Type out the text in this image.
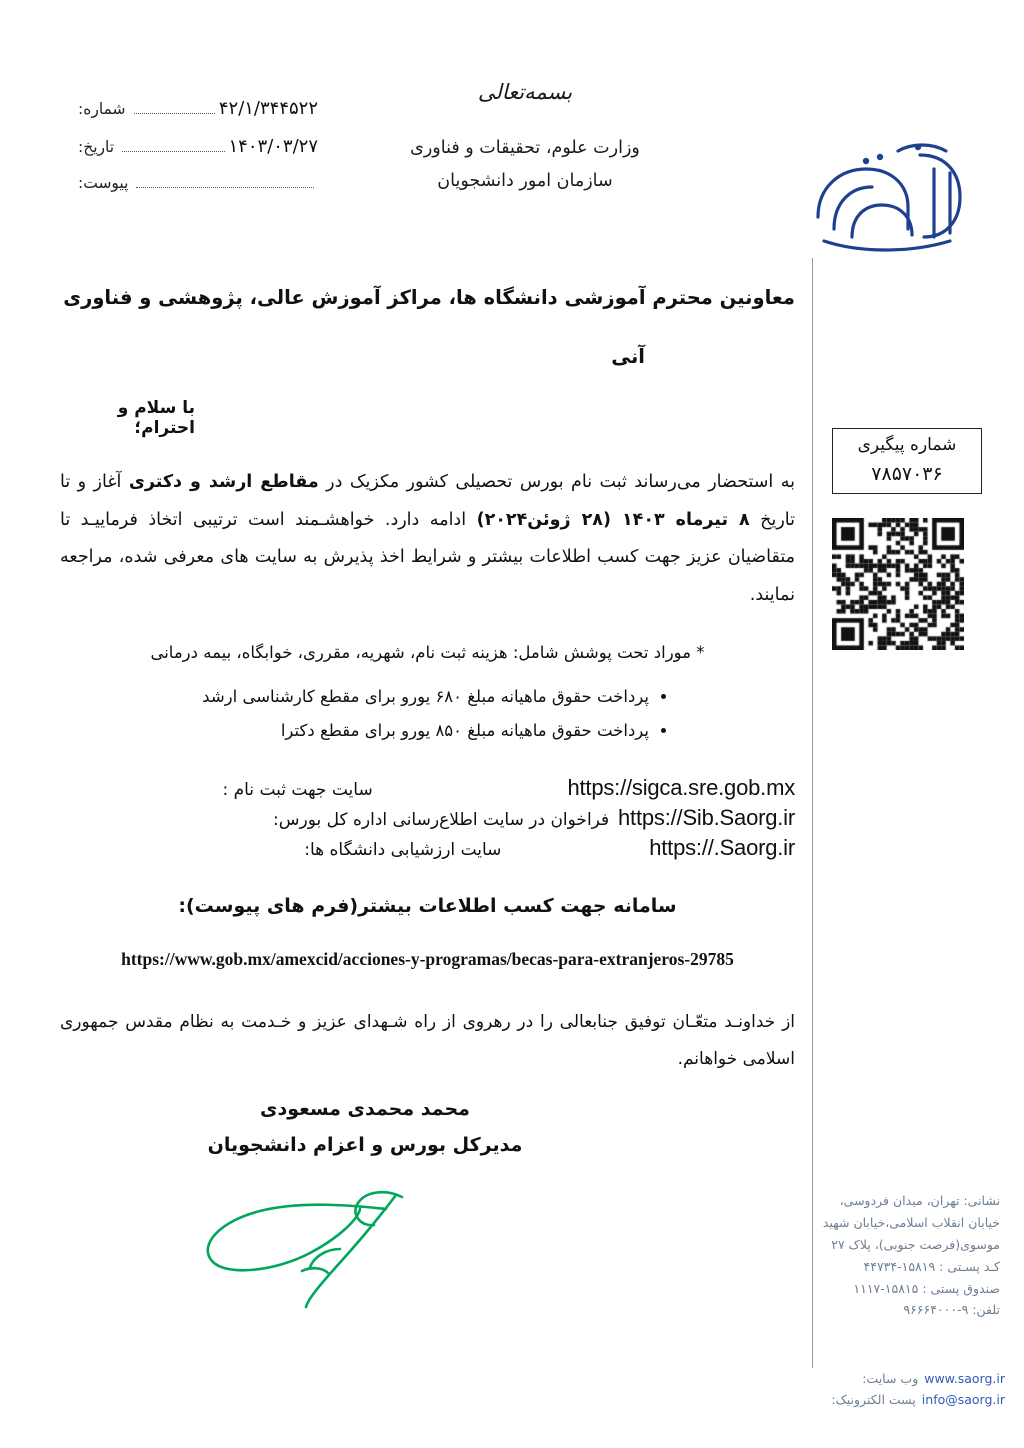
۴۲/۱/۳۴۴۵۲۲
شماره:
۱۴۰۳/۰۳/۲۷
تاریخ:
پیوست:
بسمه‌تعالی
وزارت علوم، تحقیقات و فناوری
سازمان امور دانشجویان
شماره پیگیری
۷۸۵۷۰۳۶
معاونین محترم آموزشی دانشگاه ها، مراکز آموزش عالی، پژوهشی و فناوری
آنی
با سلام و احترام؛
به استحضار می‌رساند ثبت نام بورس تحصیلی کشور مکزیک در مقاطع ارشد و دکتری آغاز و تا تاریخ ۸ تیرماه ۱۴۰۳ (۲۸ ژوئن۲۰۲۴) ادامه دارد. خواهشـمند است ترتیبی اتخاذ فرماییـد تا متقاضیان عزیز جهت کسب اطلاعات بیشتر و شرایط اخذ پذیرش به سایت های معرفی شده، مراجعه نمایند.
* موراد تحت پوشش شامل: هزینه ثبت نام، شهریه، مقرری، خوابگاه، بیمه درمانی
• پرداخت حقوق ماهیانه مبلغ ۶۸۰ یورو برای مقطع کارشناسی ارشد
• پرداخت حقوق ماهیانه مبلغ ۸۵۰ یورو برای مقطع دکترا
https://sigca.sre.gob.mx
سایت جهت ثبت نام :
https://Sib.Saorg.ir
فراخوان در سایت اطلاع‌رسانی اداره کل بورس:
https://.Saorg.ir
سایت ارزشیابی دانشگاه ها:
سامانه جهت کسب اطلاعات بیشتر(فرم های پیوست):
https://www.gob.mx/amexcid/acciones-y-programas/becas-para-extranjeros-29785
از خداونـد متعّـان توفیق جنابعالی را در رهروی از راه شـهدای عزیز و خـدمت به نظام مقدس جمهوری اسلامی خواهانم.
محمد محمدی مسعودی
مدیرکل بورس و اعزام دانشجویان
نشانی: تهران، میدان فردوسی،
خیابان انقلاب اسلامی،خیابان شهید
موسوی(فرصت جنوبی)، پلاک ۲۷
کـد پسـتی : ۱۵۸۱۹-۴۴۷۳۴
صندوق پستی : ۱۵۸۱۵-۱۱۱۷
تلفن: ۹-۹۶۶۶۴۰۰۰
www.saorg.ir
وب سایت:
info@saorg.ir
پست الکترونیک:
